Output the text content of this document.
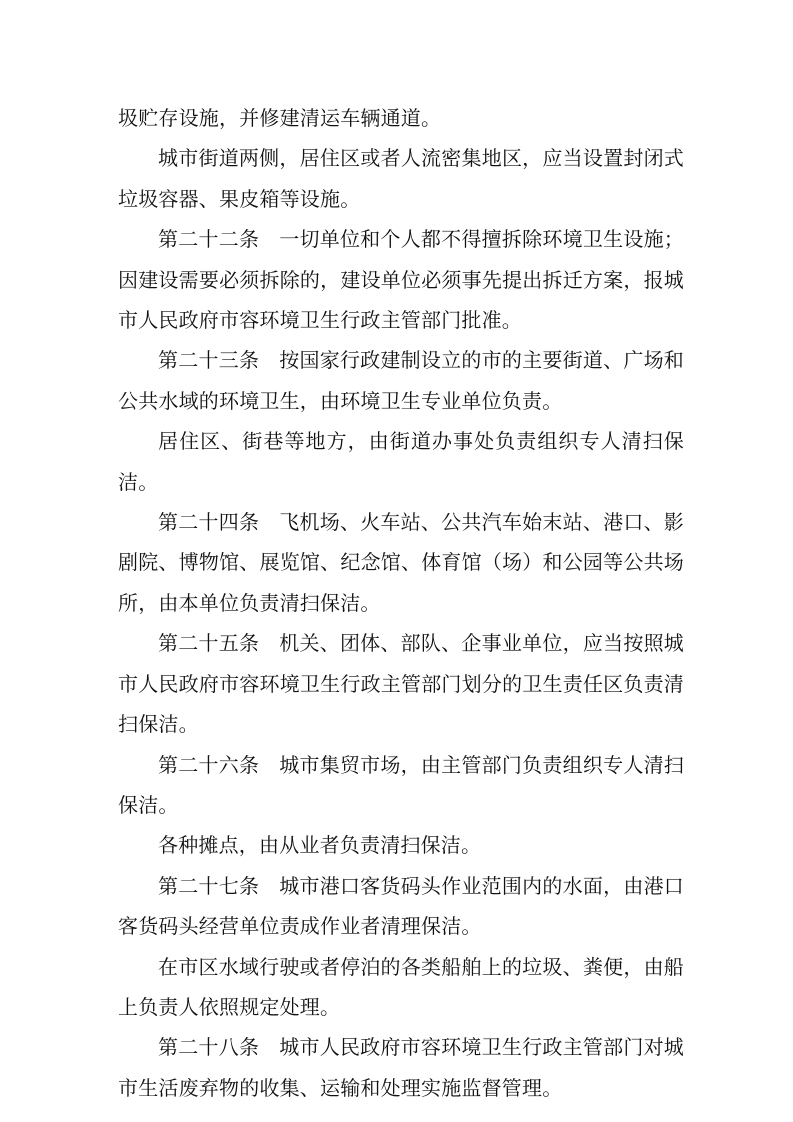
圾贮存设施，并修建清运车辆通道。

城市街道两侧，居住区或者人流密集地区，应当设置封闭式垃圾容器、果皮箱等设施。

第二十二条 一切单位和个人都不得擅拆除环境卫生设施；因建设需要必须拆除的，建设单位必须事先提出拆迁方案，报城市人民政府市容环境卫生行政主管部门批准。

第二十三条 按国家行政建制设立的市的主要街道、广场和公共水域的环境卫生，由环境卫生专业单位负责。

居住区、街巷等地方，由街道办事处负责组织专人清扫保洁。

第二十四条 飞机场、火车站、公共汽车始末站、港口、影剧院、博物馆、展览馆、纪念馆、体育馆（场）和公园等公共场所，由本单位负责清扫保洁。

第二十五条 机关、团体、部队、企事业单位，应当按照城市人民政府市容环境卫生行政主管部门划分的卫生责任区负责清扫保洁。

第二十六条 城市集贸市场，由主管部门负责组织专人清扫保洁。

各种摊点，由从业者负责清扫保洁。

第二十七条 城市港口客货码头作业范围内的水面，由港口客货码头经营单位责成作业者清理保洁。

在市区水域行驶或者停泊的各类船舶上的垃圾、粪便，由船上负责人依照规定处理。

第二十八条 城市人民政府市容环境卫生行政主管部门对城市生活废弃物的收集、运输和处理实施监督管理。
